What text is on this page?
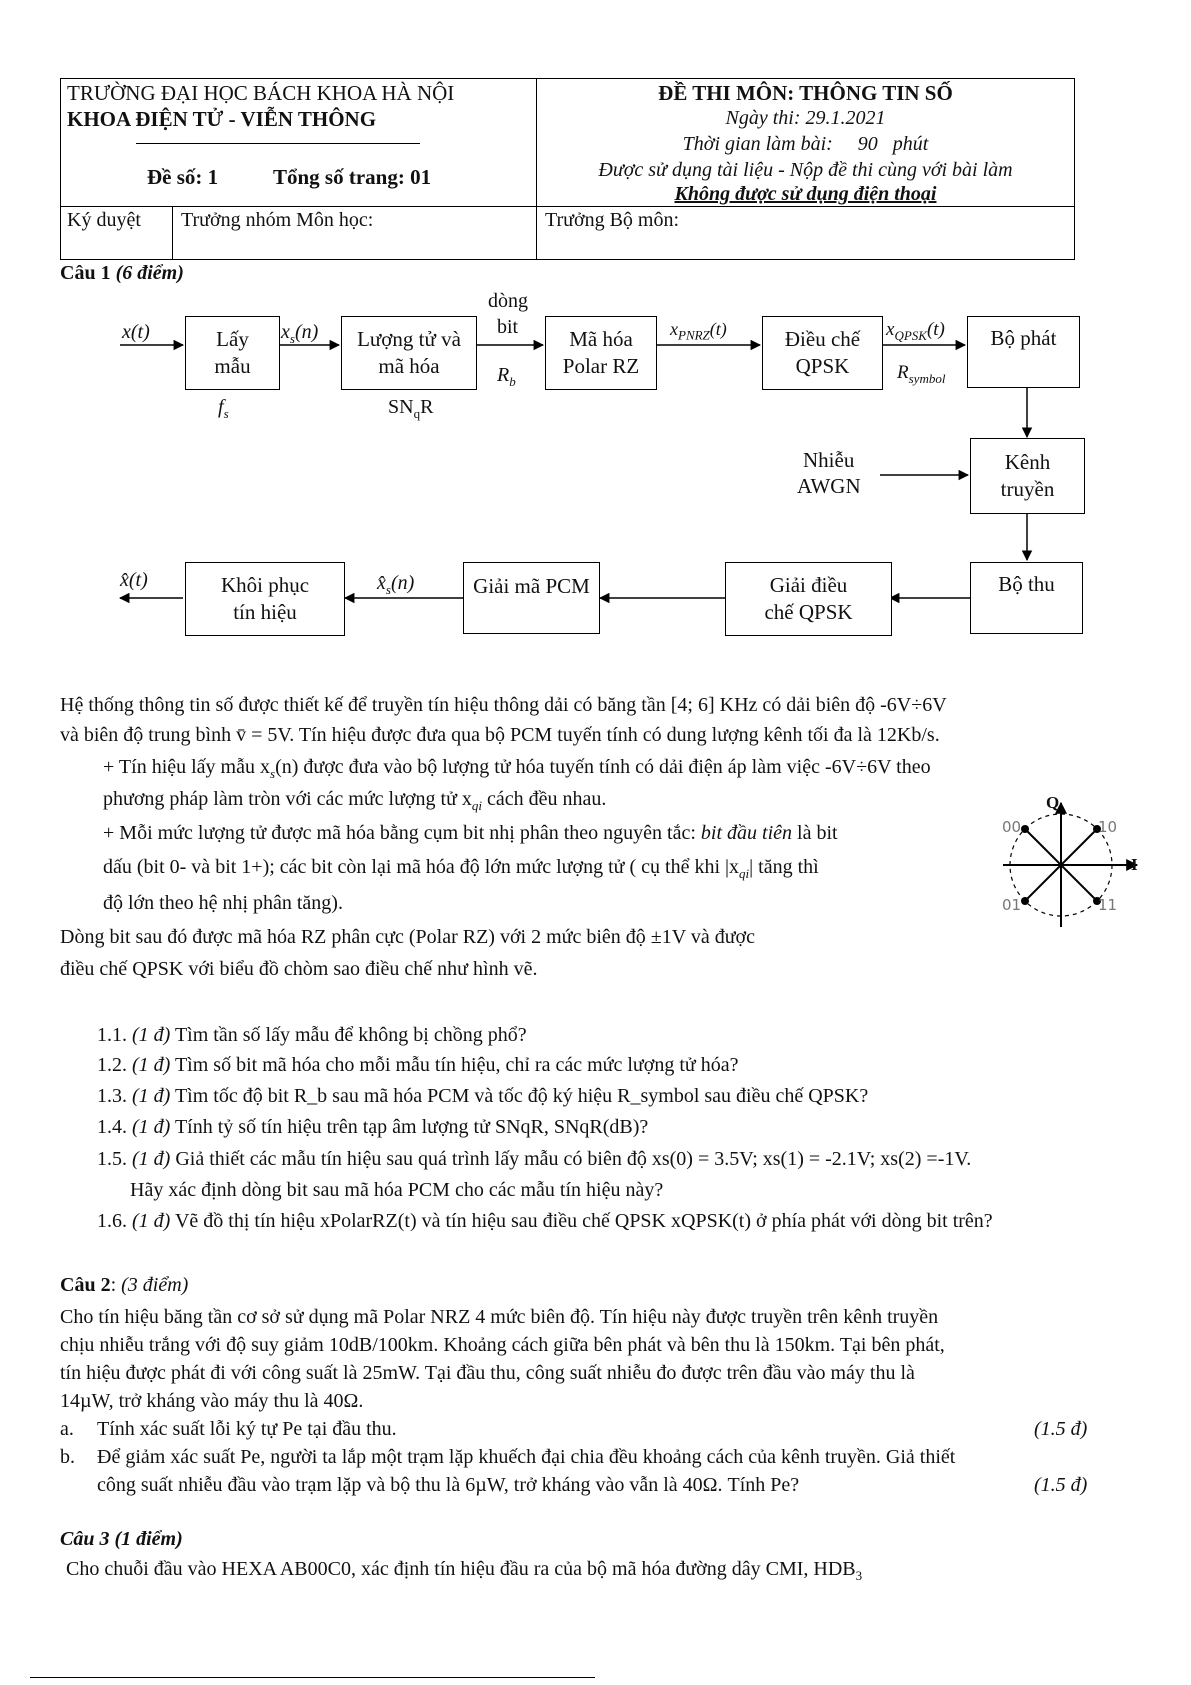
TRƯỜNG ĐẠI HỌC BÁCH KHOA HÀ NỘI
KHOA ĐIỆN TỬ - VIỄN THÔNG
Đề số: 1	Tổng số trang: 01
ĐỀ THI MÔN: THÔNG TIN SỐ
Ngày thi: 29.1.2021
Thời gian làm bài:     90   phút
Được sử dụng tài liệu - Nộp đề thi cùng với bài làm
Không được sử dụng điện thoại
Ký duyệt Trưởng nhóm Môn học:	Trưởng Bộ môn:
Câu 1 (6 điểm)
Lấy
mẫu
Lượng tử và
mã hóa
Mã hóa
Polar RZ
Điều chế
QPSK
Bộ phát
Kênh
truyền
Bộ thu
Giải điều
chế QPSK
Giải mã PCM
Khôi phục
tín hiệu
x(t)	$x_s(n)$
$f_s$	$SN_qR$
dòng
bit
$R_b$
$x_{PNRZ}(t)$	$x_{QPSK}(t)$
$R_{symbol}$
Nhiễu
AWGN
$x̂_s(n)$
x̂(t)
Hệ thống thông tin số được thiết kế để truyền tín hiệu thông dải có băng tần [4; 6] KHz có dải biên độ -6V÷6V
và biên độ trung bình v̄ = 5V. Tín hiệu được đưa qua bộ PCM tuyến tính có dung lượng kênh tối đa là 12Kb/s.
+ Tín hiệu lấy mẫu $x_s(n)$ được đưa vào bộ lượng tử hóa tuyến tính có dải điện áp làm việc -6V÷6V theo
phương pháp làm tròn với các mức lượng tử $x_{qi}$ cách đều nhau.
+ Mỗi mức lượng tử được mã hóa bằng cụm bit nhị phân theo nguyên tắc: bit đầu tiên là bit
dấu (bit 0- và bit 1+); các bit còn lại mã hóa độ lớn mức lượng tử ( cụ thể khi $|x_{qi}|$ tăng thì
độ lớn theo hệ nhị phân tăng).
Dòng bit sau đó được mã hóa RZ phân cực (Polar RZ) với 2 mức biên độ ±1V và được
điều chế QPSK với biểu đồ chòm sao điều chế như hình vẽ.
Q
I
00	10
01	11
1.1. (1 đ) Tìm tần số lấy mẫu để không bị chồng phổ?
1.2. (1 đ) Tìm số bit mã hóa cho mỗi mẫu tín hiệu, chỉ ra các mức lượng tử hóa?
1.3. (1 đ) Tìm tốc độ bit R_b sau mã hóa PCM và tốc độ ký hiệu R_symbol sau điều chế QPSK?
1.4. (1 đ) Tính tỷ số tín hiệu trên tạp âm lượng tử SNqR, SNqR(dB)?
1.5. (1 đ) Giả thiết các mẫu tín hiệu sau quá trình lấy mẫu có biên độ xs(0) = 3.5V; xs(1) = -2.1V; xs(2) =-1V.
Hãy xác định dòng bit sau mã hóa PCM cho các mẫu tín hiệu này?
1.6. (1 đ) Vẽ đồ thị tín hiệu xPolarRZ(t) và tín hiệu sau điều chế QPSK xQPSK(t) ở phía phát với dòng bit trên?
Câu 2: (3 điểm)
Cho tín hiệu băng tần cơ sở sử dụng mã Polar NRZ 4 mức biên độ. Tín hiệu này được truyền trên kênh truyền
chịu nhiễu trắng với độ suy giảm 10dB/100km. Khoảng cách giữa bên phát và bên thu là 150km. Tại bên phát,
tín hiệu được phát đi với công suất là 25mW. Tại đầu thu, công suất nhiễu đo được trên đầu vào máy thu là
14µW, trở kháng vào máy thu là 40Ω.
a. Tính xác suất lỗi ký tự Pe tại đầu thu.	(1.5 đ)
b. Để giảm xác suất Pe, người ta lắp một trạm lặp khuếch đại chia đều khoảng cách của kênh truyền. Giả thiết
công suất nhiễu đầu vào trạm lặp và bộ thu là 6µW, trở kháng vào vẫn là 40Ω. Tính Pe?	(1.5 đ)
Câu 3 (1 điểm)
Cho chuỗi đầu vào HEXA AB00C0, xác định tín hiệu đầu ra của bộ mã hóa đường dây CMI, $HDB_3$
